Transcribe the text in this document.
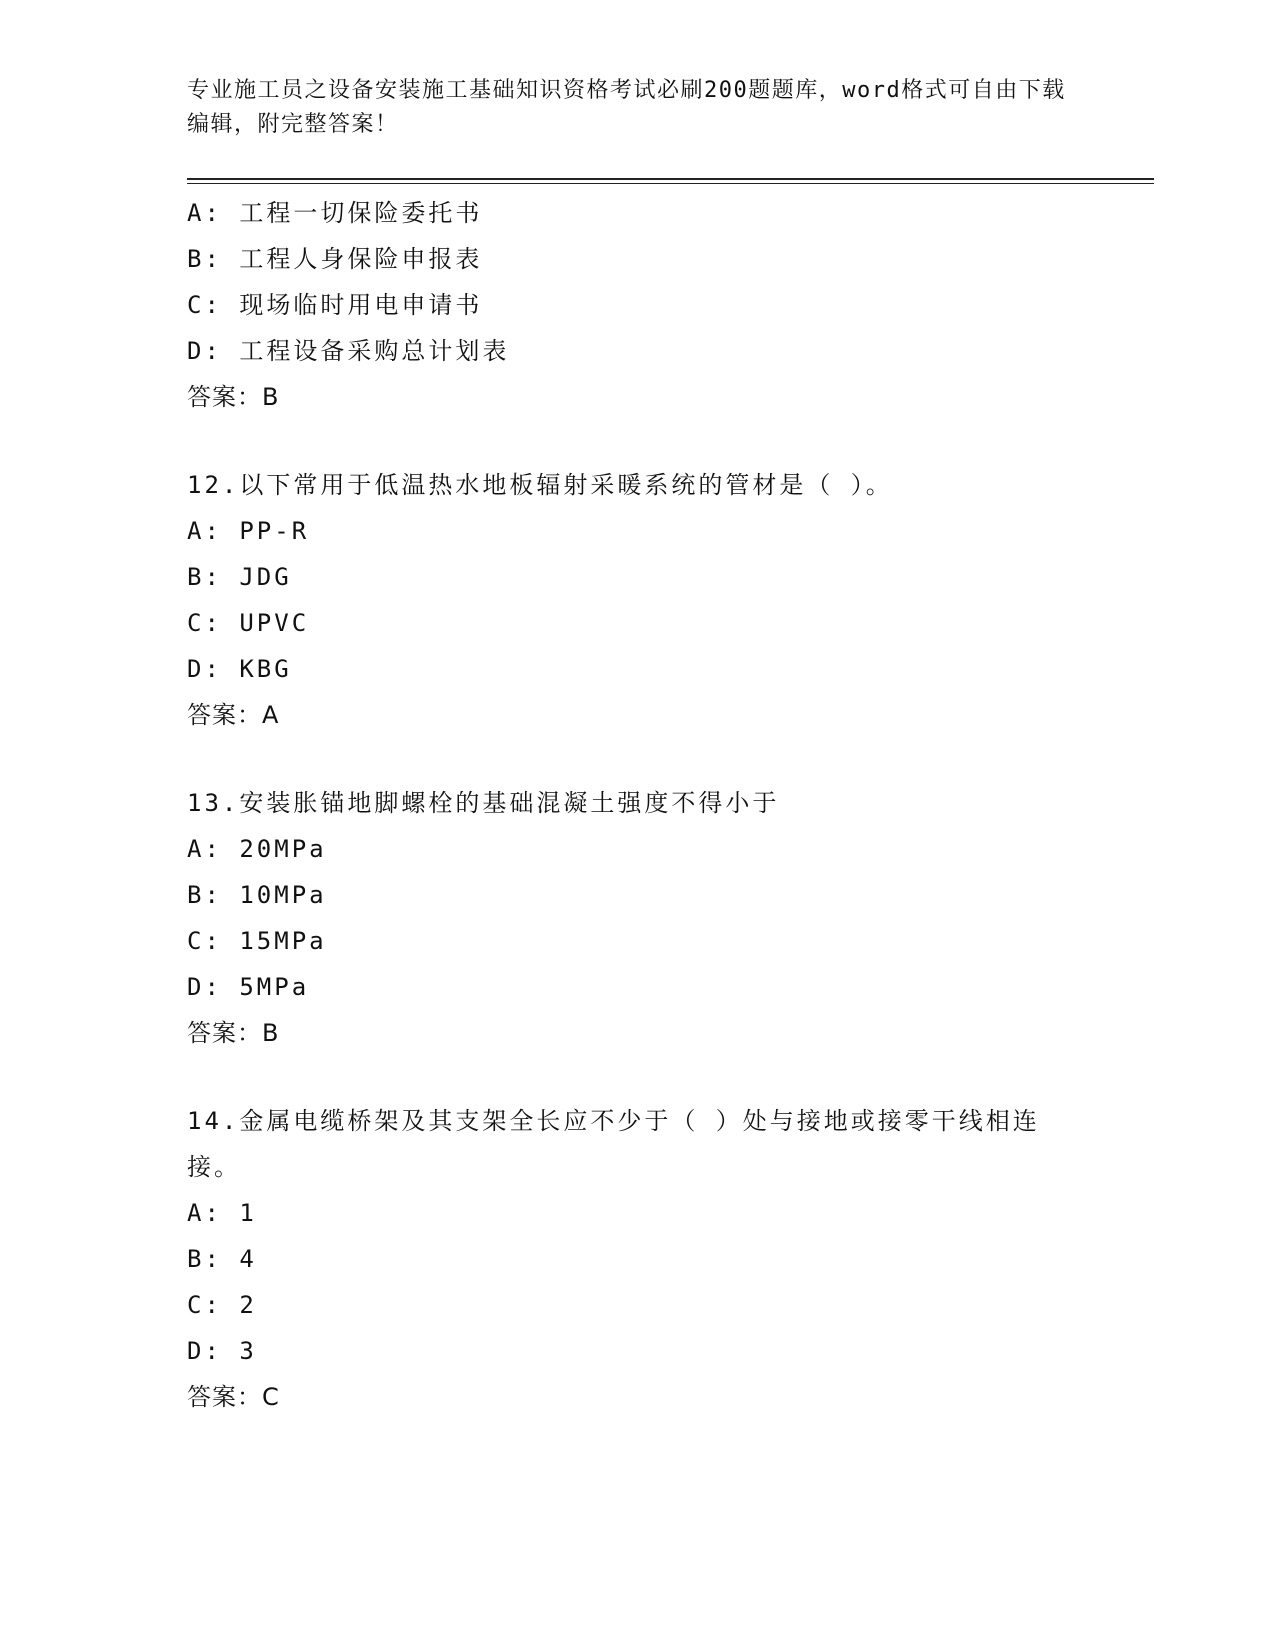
专业施工员之设备安装施工基础知识资格考试必刷200题题库，word格式可自由下载编辑，附完整答案！
A: 工程一切保险委托书
B: 工程人身保险申报表
C: 现场临时用电申请书
D: 工程设备采购总计划表
答案：B
12.以下常用于低温热水地板辐射采暖系统的管材是（ ）。
A: PP-R
B: JDG
C: UPVC
D: KBG
答案：A
13.安装胀锚地脚螺栓的基础混凝土强度不得小于
A: 20MPa
B: 10MPa
C: 15MPa
D: 5MPa
答案：B
14.金属电缆桥架及其支架全长应不少于（ ）处与接地或接零干线相连接。
A: 1
B: 4
C: 2
D: 3
答案：C
